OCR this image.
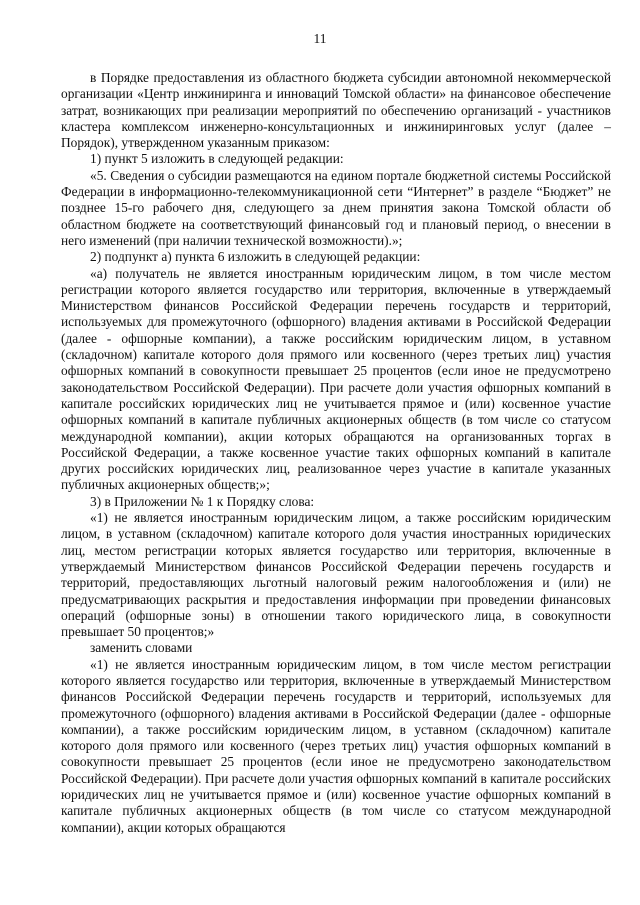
11

в Порядке предоставления из областного бюджета субсидии автономной некоммерческой организации «Центр инжиниринга и инноваций Томской области» на финансовое обеспечение затрат, возникающих при реализации мероприятий по обеспечению организаций - участников кластера комплексом инженерно-консультационных и инжиниринговых услуг (далее – Порядок), утвержденном указанным приказом:

1) пункт 5 изложить в следующей редакции:

«5. Сведения о субсидии размещаются на едином портале бюджетной системы Российской Федерации в информационно-телекоммуникационной сети “Интернет” в разделе “Бюджет” не позднее 15-го рабочего дня, следующего за днем принятия закона Томской области об областном бюджете на соответствующий финансовый год и плановый период, о внесении в него изменений (при наличии технической возможности).»;

2) подпункт а) пункта 6 изложить в следующей редакции:

«а) получатель не является иностранным юридическим лицом, в том числе местом регистрации которого является государство или территория, включенные в утверждаемый Министерством финансов Российской Федерации перечень государств и территорий, используемых для промежуточного (офшорного) владения активами в Российской Федерации (далее - офшорные компании), а также российским юридическим лицом, в уставном (складочном) капитале которого доля прямого или косвенного (через третьих лиц) участия офшорных компаний в совокупности превышает 25 процентов (если иное не предусмотрено законодательством Российской Федерации). При расчете доли участия офшорных компаний в капитале российских юридических лиц не учитывается прямое и (или) косвенное участие офшорных компаний в капитале публичных акционерных обществ (в том числе со статусом международной компании), акции которых обращаются на организованных торгах в Российской Федерации, а также косвенное участие таких офшорных компаний в капитале других российских юридических лиц, реализованное через участие в капитале указанных публичных акционерных обществ;»;

3) в Приложении № 1 к Порядку слова:

«1) не является иностранным юридическим лицом, а также российским юридическим лицом, в уставном (складочном) капитале которого доля участия иностранных юридических лиц, местом регистрации которых является государство или территория, включенные в утверждаемый Министерством финансов Российской Федерации перечень государств и территорий, предоставляющих льготный налоговый режим налогообложения и (или) не предусматривающих раскрытия и предоставления информации при проведении финансовых операций (офшорные зоны) в отношении такого юридического лица, в совокупности превышает 50 процентов;»

заменить словами

«1) не является иностранным юридическим лицом, в том числе местом регистрации которого является государство или территория, включенные в утверждаемый Министерством финансов Российской Федерации перечень государств и территорий, используемых для промежуточного (офшорного) владения активами в Российской Федерации (далее - офшорные компании), а также российским юридическим лицом, в уставном (складочном) капитале которого доля прямого или косвенного (через третьих лиц) участия офшорных компаний в совокупности превышает 25 процентов (если иное не предусмотрено законодательством Российской Федерации). При расчете доли участия офшорных компаний в капитале российских юридических лиц не учитывается прямое и (или) косвенное участие офшорных компаний в капитале публичных акционерных обществ (в том числе со статусом международной компании), акции которых обращаются
